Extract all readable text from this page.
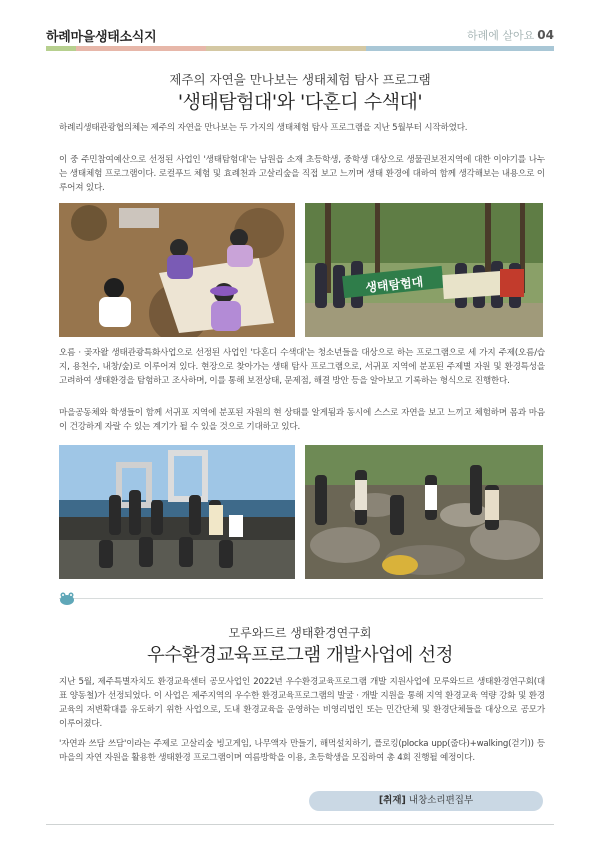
하례마을생태소식지	하례에 살아요 04
제주의 자연을 만나보는 생태체험 탐사 프로그램
'생태탐험대'와 '다혼디 수색대'

하례리생태관광협의체는 제주의 자연을 만나보는 두 가지의 생태체험 탐사 프로그램을 지난 5월부터 시작하였다.

이 중 주민참여예산으로 선정된 사업인 '생태탐험대'는 남원읍 소재 초등학생, 중학생 대상으로 생물권보전지역에 대한 이야기를 나누는 생태체험 프로그램이다. 로컬푸드 체험 및 효례천과 고살리숲을 직접 보고 느끼며 생태 환경에 대하여 함께 생각해보는 내용으로 이루어져 있다.

생태탐험대

오름 · 곶자왈 생태관광특화사업으로 선정된 사업인 '다혼디 수색대'는 청소년들을 대상으로 하는 프로그램으로 세 가지 주제(오름/습지, 용천수, 내창/숲)로 이루어져 있다. 현장으로 찾아가는 생태 탐사 프로그램으로, 서귀포 지역에 분포된 주제별 자원 및 환경특성을 고려하여 생태환경을 탐험하고 조사하며, 이를 통해 보전상태, 문제점, 해결 방안 등을 알아보고 기록하는 형식으로 진행한다.

마을공동체와 학생들이 함께 서귀포 지역에 분포된 자원의 현 상태를 알게됨과 동시에 스스로 자연을 보고 느끼고 체험하며 몸과 마음이 건강하게 자랄 수 있는 계기가 될 수 있을 것으로 기대하고 있다.

모루와드르 생태환경연구회
우수환경교육프로그램 개발사업에 선정

지난 5월, 제주특별자치도 환경교육센터 공모사업인 2022년 우수환경교육프로그램 개발 지원사업에 모루와드르 생태환경연구회(대표 양동철)가 선정되었다. 이 사업은 제주지역의 우수한 환경교육프로그램의 발굴 · 개발 지원을 통해 지역 환경교육 역량 강화 및 환경교육의 저변확대를 유도하기 위한 사업으로, 도내 환경교육을 운영하는 비영리법인 또는 민간단체 및 환경단체들을 대상으로 공모가 이루어졌다.

'자연과 쓰담 쓰담'이라는 주제로 고살리숲 빙고게임, 나무액자 만들기, 해먹설치하기, 플로킹(plocka upp(줍다)+walking(걷기)) 등 마을의 자연 자원을 활용한 생태환경 프로그램이며 여름방학을 이용, 초등학생을 모집하여 총 4회 진행될 예정이다.

[취재] 내창소리편집부
